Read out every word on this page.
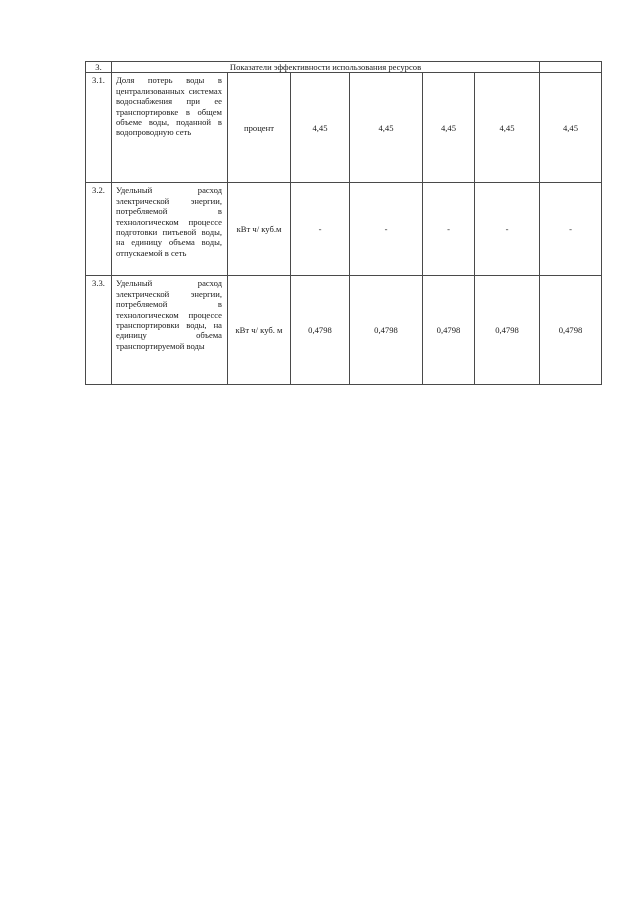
3.	Показатели эффективности использования ресурсов						
3.1.	Доля потерь воды в централизованных системах водоснабжения при ее транспортировке в общем объеме воды, поданной в водопроводную сеть	процент	4,45	4,45	4,45	4,45	4,45
3.2.	Удельный расход электрической энергии, потребляемой в технологическом процессе подготовки питьевой воды, на единицу объема воды, отпускаемой в сеть	кВт ч/ куб.м	-	-	-	-	-
3.3.	Удельный расход электрической энергии, потребляемой в технологическом процессе транспортировки воды, на единицу объема транспортируемой воды	кВт ч/ куб. м	0,4798	0,4798	0,4798	0,4798	0,4798
